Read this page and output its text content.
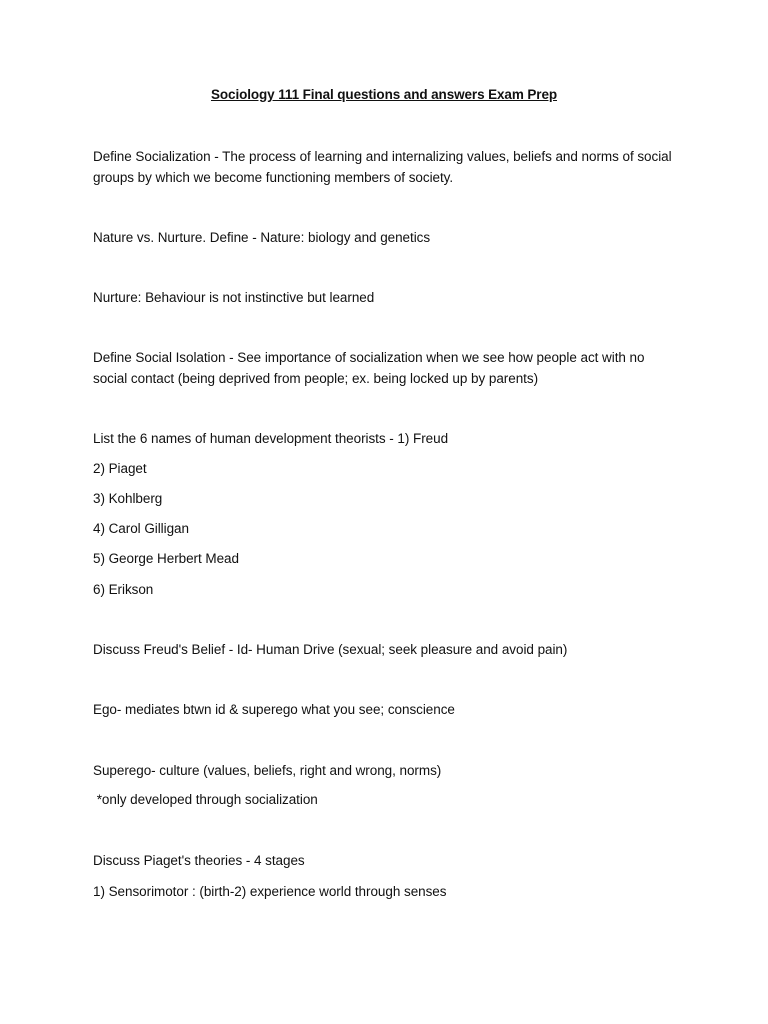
Sociology 111 Final questions and answers Exam Prep
Define Socialization - The process of learning and internalizing values, beliefs and norms of social groups by which we become functioning members of society.
Nature vs. Nurture. Define - Nature: biology and genetics
Nurture: Behaviour is not instinctive but learned
Define Social Isolation - See importance of socialization when we see how people act with no social contact (being deprived from people; ex. being locked up by parents)
List the 6 names of human development theorists - 1) Freud
2) Piaget
3) Kohlberg
4) Carol Gilligan
5) George Herbert Mead
6) Erikson
Discuss Freud's Belief - Id- Human Drive (sexual; seek pleasure and avoid pain)
Ego- mediates btwn id & superego what you see; conscience
Superego- culture (values, beliefs, right and wrong, norms)
*only developed through socialization
Discuss Piaget's theories - 4 stages
1) Sensorimotor : (birth-2) experience world through senses
